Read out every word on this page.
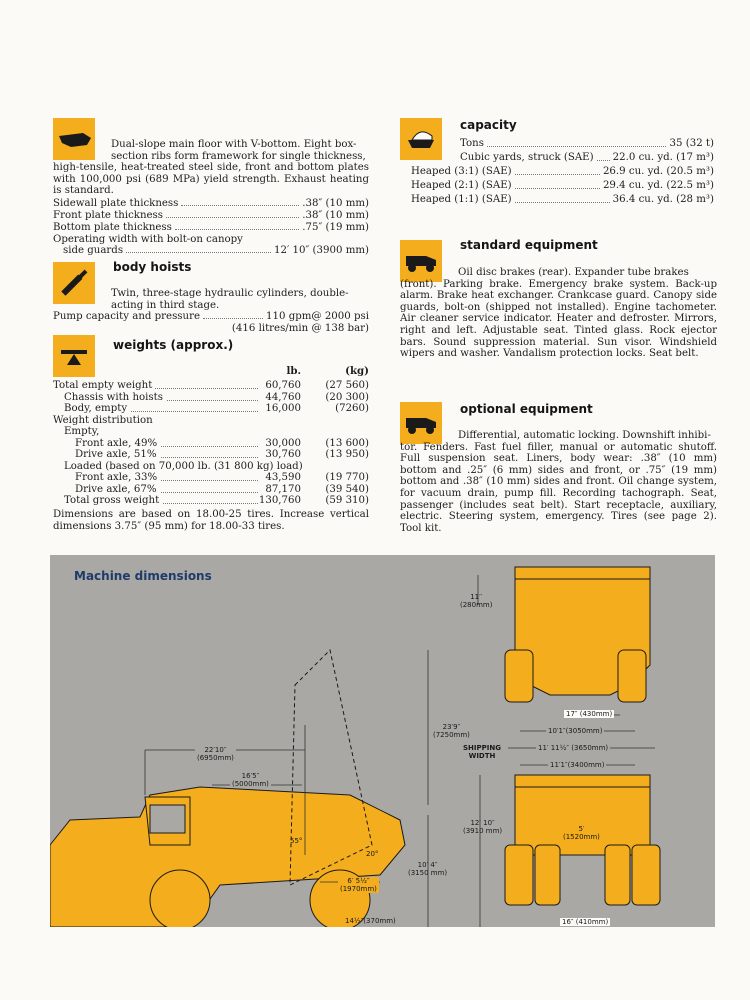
Dual-slope main floor with V-bottom. Eight box-
section ribs form framework for single thickness,
high-tensile, heat-treated steel side, front and bottom plates with 100,000 psi (689 MPa) yield strength. Exhaust heating is standard.
Sidewall plate thickness	.38″ (10 mm)
Front plate thickness	.38″ (10 mm)
Bottom plate thickness	.75″ (19 mm)
Operating width with bolt-on canopy
side guards	12′ 10″ (3900 mm)
body hoists
Twin, three-stage hydraulic cylinders, double-
acting in third stage.
Pump capacity and pressure	110 gpm@ 2000 psi
(416 litres/min @ 138 bar)
weights (approx.)
lb.	(kg)
Total empty weight	60,760 (27 560)
Chassis with hoists	44,760 (20 300)
Body, empty	16,000	(7260)
Weight distribution
Empty,
Front axle, 49%	30,000 (13 600)
Drive axle, 51%	30,760 (13 950)
Loaded (based on 70,000 lb. (31 800 kg) load)
Front axle, 33%	43,590 (19 770)
Drive axle, 67%	87,170 (39 540)
Total gross weight	130,760 (59 310)
Dimensions are based on 18.00-25 tires. Increase vertical dimensions 3.75″ (95 mm) for 18.00-33 tires.
capacity
Tons	35 (32 t)
Cubic yards, struck (SAE) 22.0 cu. yd. (17 m³)
Heaped (3:1) (SAE)	26.9 cu. yd. (20.5 m³)
Heaped (2:1) (SAE)	29.4 cu. yd. (22.5 m³)
Heaped (1:1) (SAE)	36.4 cu. yd. (28 m³)
standard equipment
Oil disc brakes (rear). Expander tube brakes
(front). Parking brake. Emergency brake system. Back-up alarm. Brake heat exchanger. Crankcase guard. Canopy side guards, bolt-on (shipped not installed). Engine tachometer. Air cleaner service indicator. Heater and defroster. Mirrors, right and left. Adjustable seat. Tinted glass. Rock ejector bars. Sound suppression material. Sun visor. Windshield wipers and washer. Vandalism protection locks. Seat belt.
optional equipment
Differential, automatic locking. Downshift inhibi-
tor. Fenders. Fast fuel filler, manual or automatic shutoff. Full suspension seat. Liners, body wear: .38″ (10 mm) bottom and .25″ (6 mm) sides and front, or .75″ (19 mm) bottom and .38″ (10 mm) sides and front. Oil change system, for vacuum drain, pump fill. Recording tachograph. Seat, passenger (includes seat belt). Start receptacle, auxiliary, electric. Steering system, emergency. Tires (see page 2). Tool kit.
Machine dimensions
11′′
(280mm)
23′9″
(7250mm)
22′10″
(6950mm)
16′5″
(5000mm)
55°
20°
6′ 5½″
(1970mm)
14½″(370mm)
10′ 4″
(3150 mm)
12′ 10″
(3910 mm)
17″ (430mm)
10′1″(3050mm)
SHIPPING
WIDTH
11′ 11½″ (3650mm)
11′1″(3400mm)
5′
(1520mm)
16″ (410mm)
